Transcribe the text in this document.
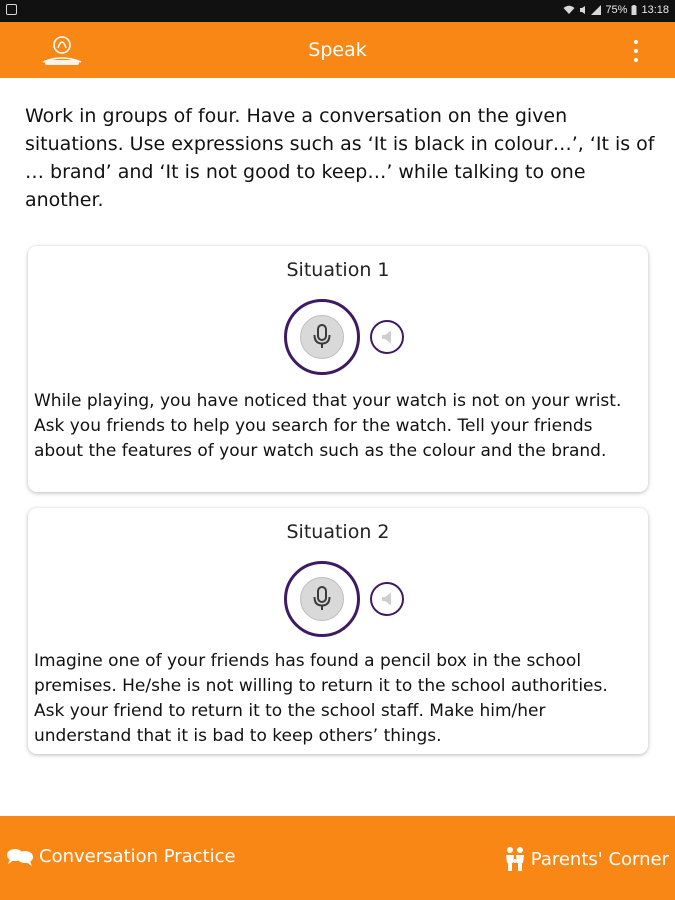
75% 13:18
Speak

Work in groups of four. Have a conversation on the given situations. Use expressions such as ‘It is black in colour…’, ‘It is of … brand’ and ‘It is not good to keep…’ while talking to one another.

Situation 1

While playing, you have noticed that your watch is not on your wrist. Ask you friends to help you search for the watch. Tell your friends about the features of your watch such as the colour and the brand.

Situation 2

Imagine one of your friends has found a pencil box in the school premises. He/she is not willing to return it to the school authorities. Ask your friend to return it to the school staff. Make him/her understand that it is bad to keep others’ things.

Conversation Practice	Parents' Corner
